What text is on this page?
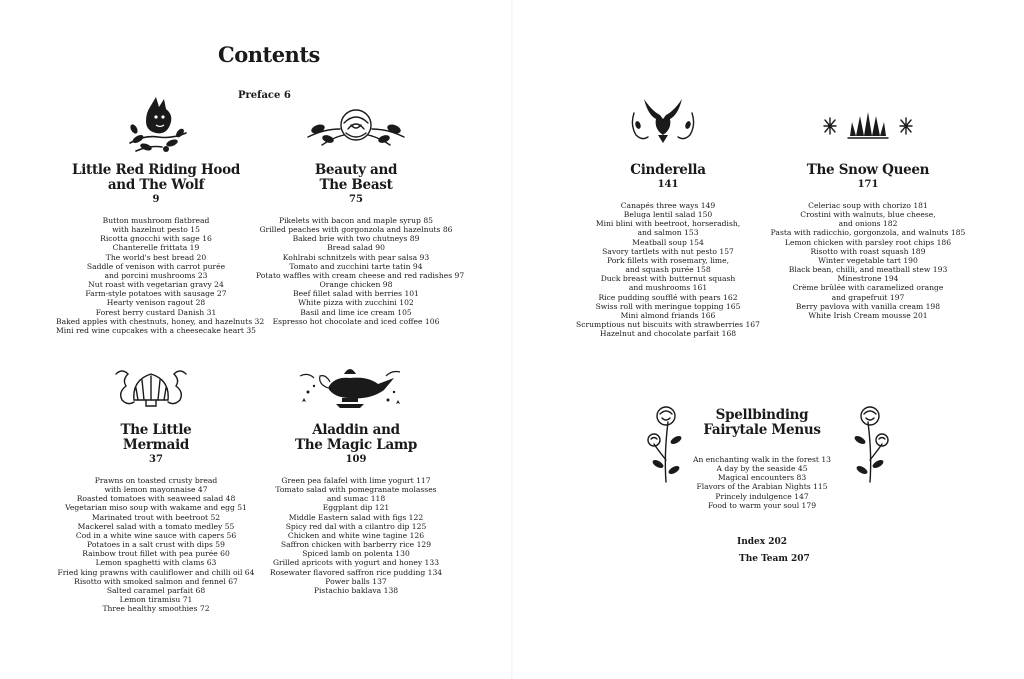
Contents
Preface 6
Index 202
The Team 207
Little Red Riding Hood
and The Wolf
9
Button mushroom flatbread
with hazelnut pesto 15
Ricotta gnocchi with sage 16
Chanterelle frittata 19
The world's best bread 20
Saddle of venison with carrot purée
and porcini mushrooms 23
Nut roast with vegetarian gravy 24
Farm-style potatoes with sausage 27
Hearty venison ragout 28
Forest berry custard Danish 31
Baked apples with chestnuts, honey, and hazelnuts 32
Mini red wine cupcakes with a cheesecake heart 35
Beauty and
The Beast
75
Pikelets with bacon and maple syrup 85
Grilled peaches with gorgonzola and hazelnuts 86
Baked brie with two chutneys 89
Bread salad 90
Kohlrabi schnitzels with pear salsa 93
Tomato and zucchini tarte tatin 94
Potato waffles with cream cheese and red radishes 97
Orange chicken 98
Beef fillet salad with berries 101
White pizza with zucchini 102
Basil and lime ice cream 105
Espresso hot chocolate and iced coffee 106
The Little
Mermaid
37
Prawns on toasted crusty bread
with lemon mayonnaise 47
Roasted tomatoes with seaweed salad 48
Vegetarian miso soup with wakame and egg 51
Marinated trout with beetroot 52
Mackerel salad with a tomato medley 55
Cod in a white wine sauce with capers 56
Potatoes in a salt crust with dips 59
Rainbow trout fillet with pea purée 60
Lemon spaghetti with clams 63
Fried king prawns with cauliflower and chilli oil 64
Risotto with smoked salmon and fennel 67
Salted caramel parfait 68
Lemon tiramisu 71
Three healthy smoothies 72
Aladdin and
The Magic Lamp
109
Green pea falafel with lime yogurt 117
Tomato salad with pomegranate molasses
and sumac 118
Eggplant dip 121
Middle Eastern salad with figs 122
Spicy red dal with a cilantro dip 125
Chicken and white wine tagine 126
Saffron chicken with barberry rice 129
Spiced lamb on polenta 130
Grilled apricots with yogurt and honey 133
Rosewater flavored saffron rice pudding 134
Power balls 137
Pistachio baklava 138
Cinderella
141
Canapés three ways 149
Beluga lentil salad 150
Mini blini with beetroot, horseradish,
and salmon 153
Meatball soup 154
Savory tartlets with nut pesto 157
Pork fillets with rosemary, lime,
and squash purée 158
Duck breast with butternut squash
and mushrooms 161
Rice pudding soufflé with pears 162
Swiss roll with meringue topping 165
Mini almond friands 166
Scrumptious nut biscuits with strawberries 167
Hazelnut and chocolate parfait 168
The Snow Queen
171
Celeriac soup with chorizo 181
Crostini with walnuts, blue cheese,
and onions 182
Pasta with radicchio, gorgonzola, and walnuts 185
Lemon chicken with parsley root chips 186
Risotto with roast squash 189
Winter vegetable tart 190
Black bean, chilli, and meatball stew 193
Minestrone 194
Crème brûlée with caramelized orange
and grapefruit 197
Berry pavlova with vanilla cream 198
White Irish Cream mousse 201
Spellbinding
Fairytale Menus
An enchanting walk in the forest 13
A day by the seaside 45
Magical encounters 83
Flavors of the Arabian Nights 115
Princely indulgence 147
Food to warm your soul 179
